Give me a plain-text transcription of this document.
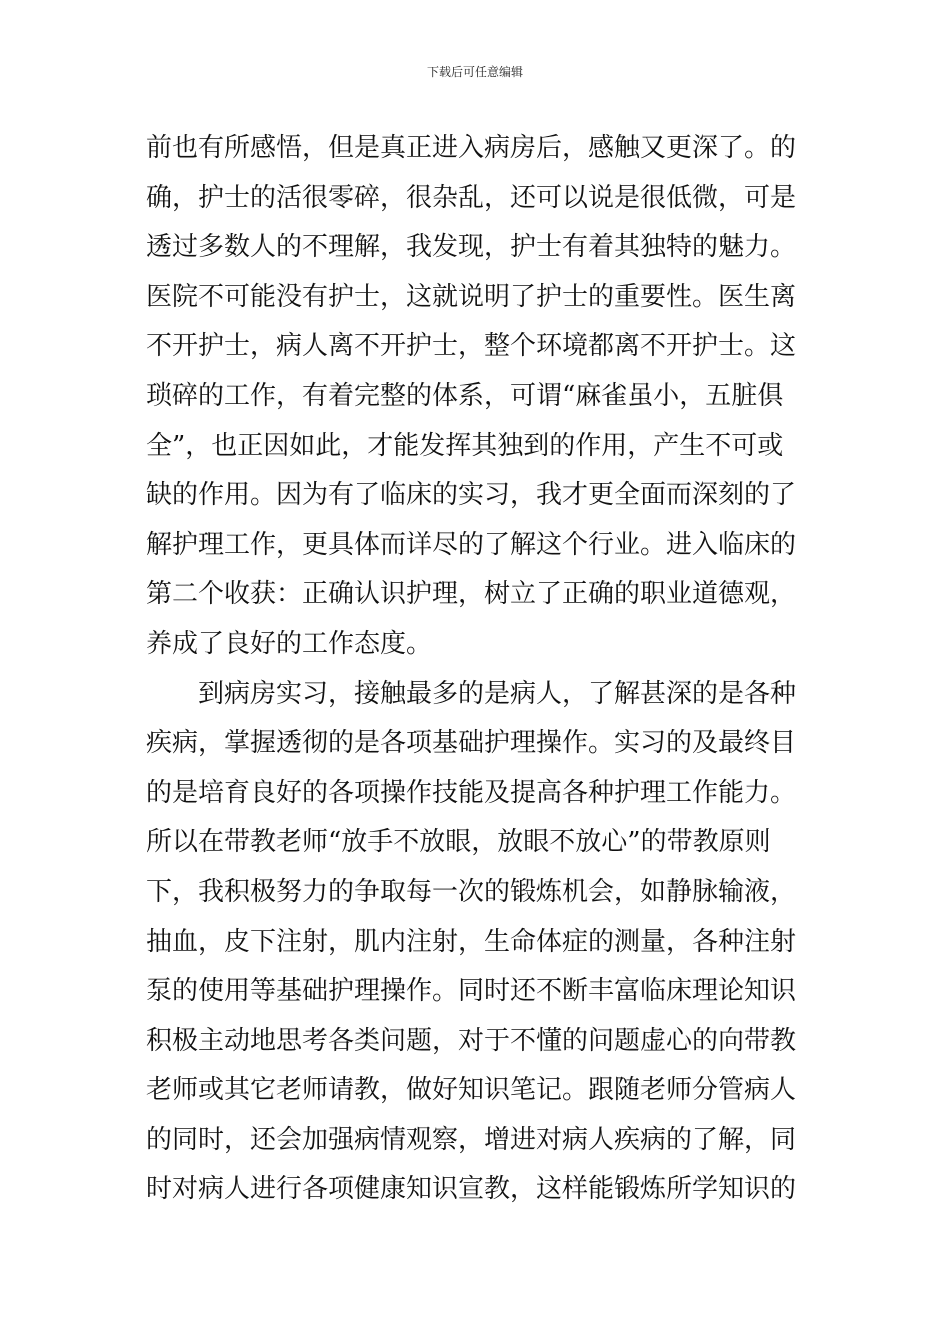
下载后可任意编辑
前也有所感悟，但是真正进入病房后，感触又更深了。的
确，护士的活很零碎，很杂乱，还可以说是很低微，可是
透过多数人的不理解，我发现，护士有着其独特的魅力。
医院不可能没有护士，这就说明了护士的重要性。医生离
不开护士，病人离不开护士，整个环境都离不开护士。这
琐碎的工作，有着完整的体系，可谓“麻雀虽小，五脏俱
全”，也正因如此，才能发挥其独到的作用，产生不可或
缺的作用。因为有了临床的实习，我才更全面而深刻的了
解护理工作，更具体而详尽的了解这个行业。进入临床的
第二个收获：正确认识护理，树立了正确的职业道德观，
养成了良好的工作态度。
到病房实习，接触最多的是病人，了解甚深的是各种
疾病，掌握透彻的是各项基础护理操作。实习的及最终目
的是培育良好的各项操作技能及提高各种护理工作能力。
所以在带教老师“放手不放眼，放眼不放心”的带教原则
下，我积极努力的争取每一次的锻炼机会，如静脉输液，
抽血，皮下注射，肌内注射，生命体症的测量，各种注射
泵的使用等基础护理操作。同时还不断丰富临床理论知识
积极主动地思考各类问题，对于不懂的问题虚心的向带教
老师或其它老师请教，做好知识笔记。跟随老师分管病人
的同时，还会加强病情观察，增进对病人疾病的了解，同
时对病人进行各项健康知识宣教，这样能锻炼所学知识的
